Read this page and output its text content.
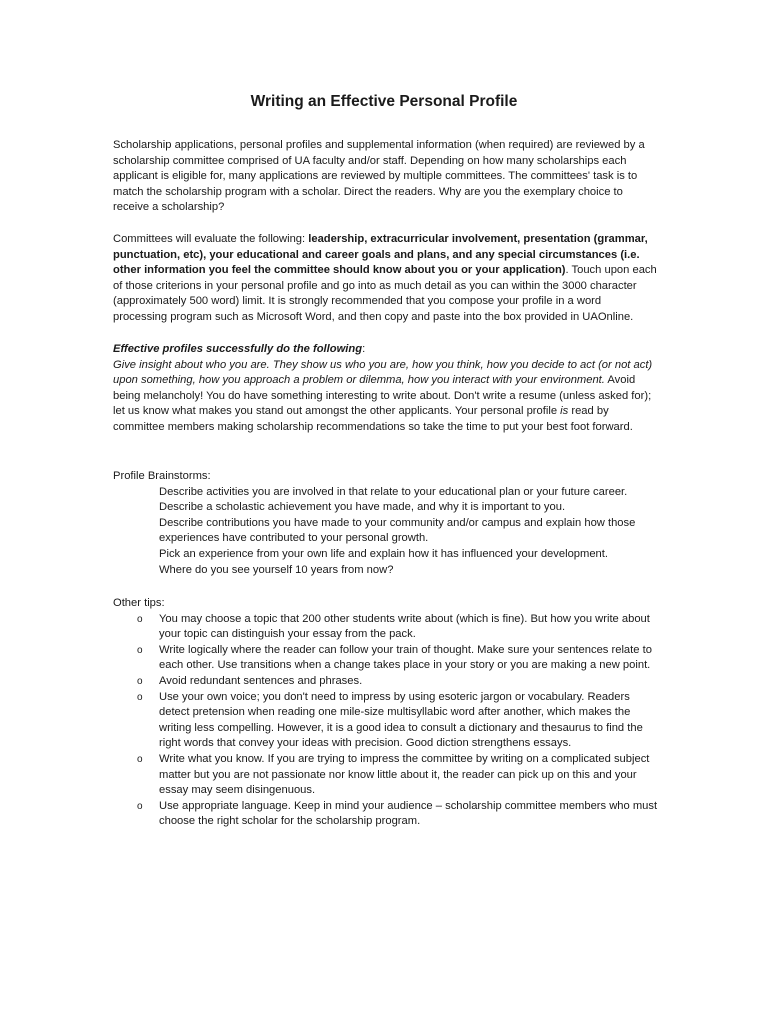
Writing an Effective Personal Profile

Scholarship applications, personal profiles and supplemental information (when required) are reviewed by a scholarship committee comprised of UA faculty and/or staff. Depending on how many scholarships each applicant is eligible for, many applications are reviewed by multiple committees. The committees' task is to match the scholarship program with a scholar. Direct the readers. Why are you the exemplary choice to receive a scholarship?

Committees will evaluate the following: leadership, extracurricular involvement, presentation (grammar, punctuation, etc), your educational and career goals and plans, and any special circumstances (i.e. other information you feel the committee should know about you or your application). Touch upon each of those criterions in your personal profile and go into as much detail as you can within the 3000 character (approximately 500 word) limit. It is strongly recommended that you compose your profile in a word processing program such as Microsoft Word, and then copy and paste into the box provided in UAOnline.

Effective profiles successfully do the following:
Give insight about who you are. They show us who you are, how you think, how you decide to act (or not act) upon something, how you approach a problem or dilemma, how you interact with your environment. Avoid being melancholy! You do have something interesting to write about. Don't write a resume (unless asked for); let us know what makes you stand out amongst the other applicants. Your personal profile is read by committee members making scholarship recommendations so take the time to put your best foot forward.
Profile Brainstorms:
Describe activities you are involved in that relate to your educational plan or your future career.
Describe a scholastic achievement you have made, and why it is important to you.
Describe contributions you have made to your community and/or campus and explain how those experiences have contributed to your personal growth.
Pick an experience from your own life and explain how it has influenced your development.
Where do you see yourself 10 years from now?
Other tips:
o You may choose a topic that 200 other students write about (which is fine). But how you write about your topic can distinguish your essay from the pack.
o Write logically where the reader can follow your train of thought. Make sure your sentences relate to each other. Use transitions when a change takes place in your story or you are making a new point.
o Avoid redundant sentences and phrases.
o Use your own voice; you don't need to impress by using esoteric jargon or vocabulary. Readers detect pretension when reading one mile-size multisyllabic word after another, which makes the writing less compelling. However, it is a good idea to consult a dictionary and thesaurus to find the right words that convey your ideas with precision. Good diction strengthens essays.
o Write what you know. If you are trying to impress the committee by writing on a complicated subject matter but you are not passionate nor know little about it, the reader can pick up on this and your essay may seem disingenuous.
o Use appropriate language. Keep in mind your audience – scholarship committee members who must choose the right scholar for the scholarship program.
